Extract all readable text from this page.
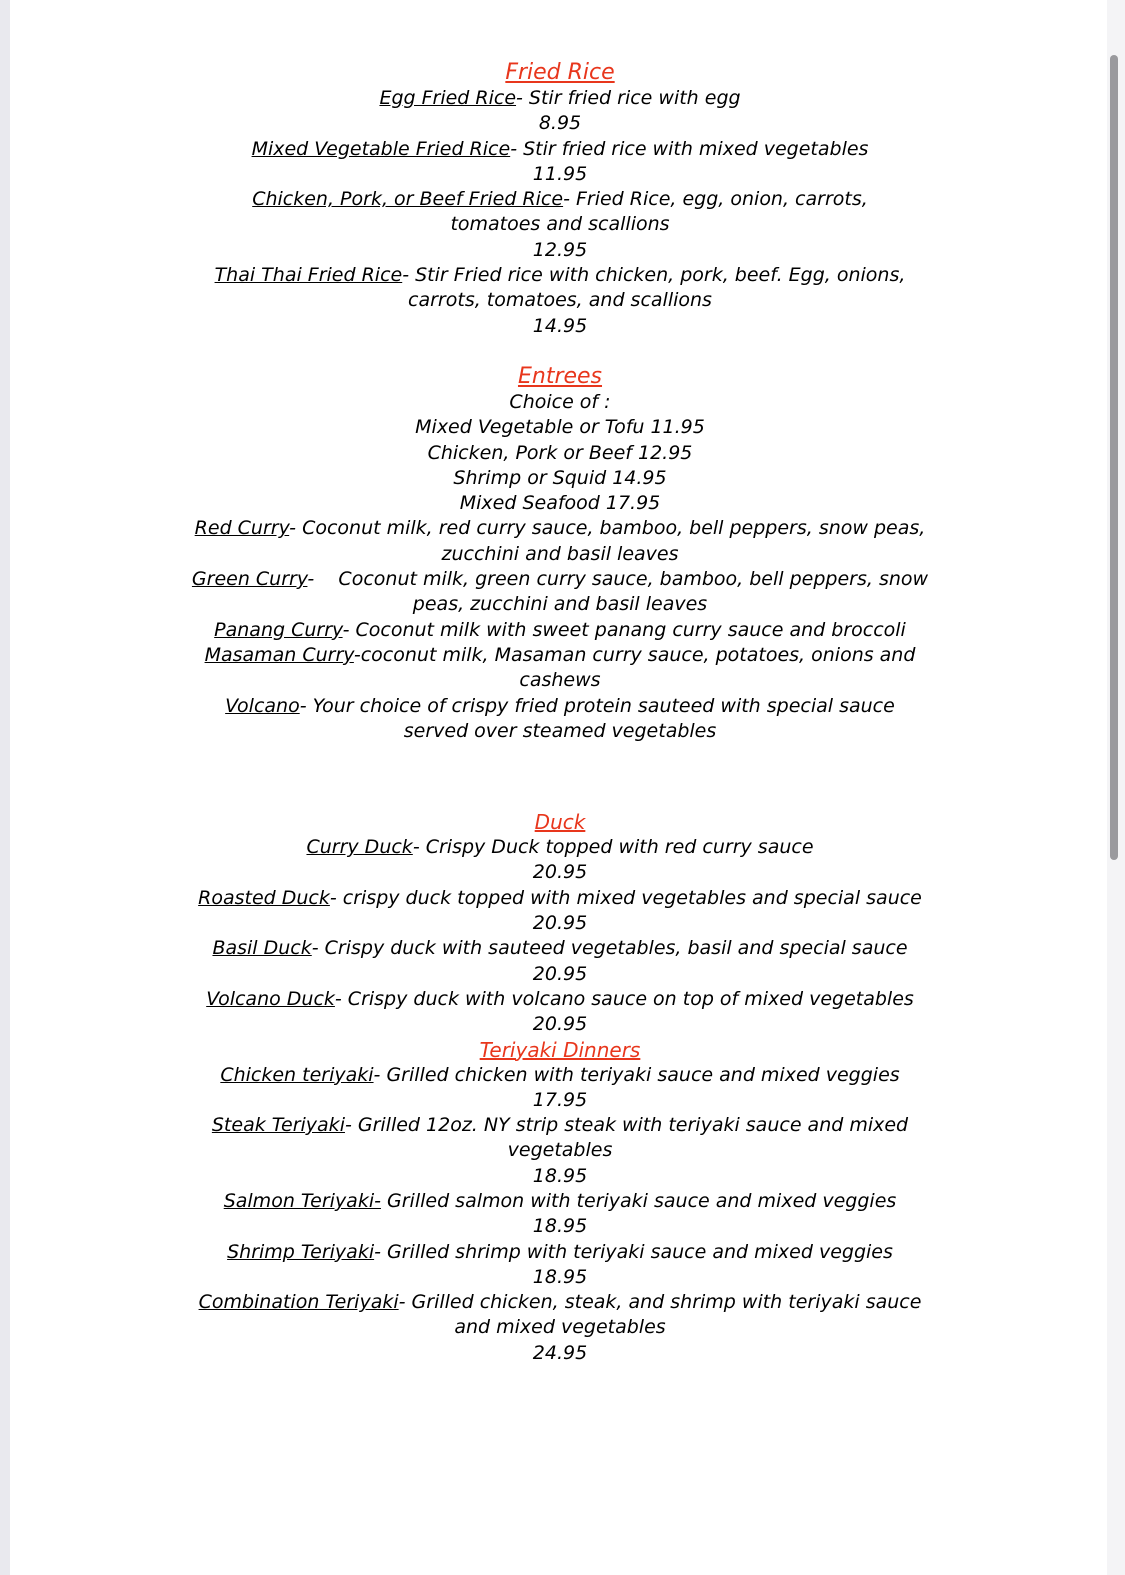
Fried Rice
Egg Fried Rice- Stir fried rice with egg
8.95
Mixed Vegetable Fried Rice- Stir fried rice with mixed vegetables
11.95
Chicken, Pork, or Beef Fried Rice- Fried Rice, egg, onion, carrots,
tomatoes and scallions
12.95
Thai Thai Fried Rice- Stir Fried rice with chicken, pork, beef. Egg, onions,
carrots, tomatoes, and scallions
14.95
Entrees
Choice of :
Mixed Vegetable or Tofu 11.95
Chicken, Pork or Beef 12.95
Shrimp or Squid 14.95
Mixed Seafood 17.95
Red Curry- Coconut milk, red curry sauce, bamboo, bell peppers, snow peas,
zucchini and basil leaves
Green Curry-    Coconut milk, green curry sauce, bamboo, bell peppers, snow
peas, zucchini and basil leaves
Panang Curry- Coconut milk with sweet panang curry sauce and broccoli
Masaman Curry-coconut milk, Masaman curry sauce, potatoes, onions and
cashews
Volcano- Your choice of crispy fried protein sauteed with special sauce
served over steamed vegetables
Duck
Curry Duck- Crispy Duck topped with red curry sauce
20.95
Roasted Duck- crispy duck topped with mixed vegetables and special sauce
20.95
Basil Duck- Crispy duck with sauteed vegetables, basil and special sauce
20.95
Volcano Duck- Crispy duck with volcano sauce on top of mixed vegetables
20.95
Teriyaki Dinners
Chicken teriyaki- Grilled chicken with teriyaki sauce and mixed veggies
17.95
Steak Teriyaki- Grilled 12oz. NY strip steak with teriyaki sauce and mixed
vegetables
18.95
Salmon Teriyaki- Grilled salmon with teriyaki sauce and mixed veggies
18.95
Shrimp Teriyaki- Grilled shrimp with teriyaki sauce and mixed veggies
18.95
Combination Teriyaki- Grilled chicken, steak, and shrimp with teriyaki sauce
and mixed vegetables
24.95
